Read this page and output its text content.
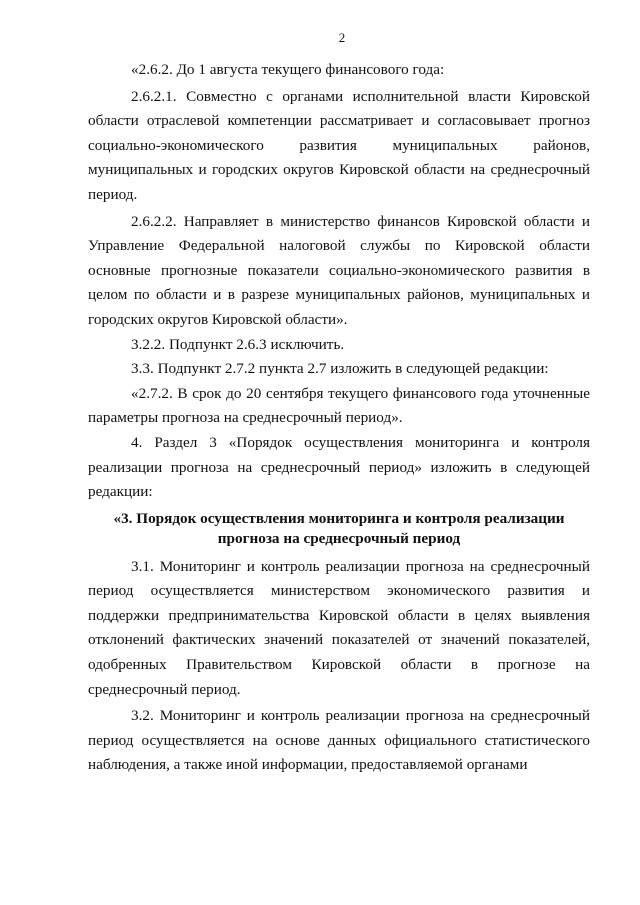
2

«2.6.2. До 1 августа текущего финансового года:

2.6.2.1. Совместно с органами исполнительной власти Кировской области отраслевой компетенции рассматривает и согласовывает прогноз социально-экономического развития муниципальных районов, муниципальных и городских округов Кировской области на среднесрочный период.

2.6.2.2. Направляет в министерство финансов Кировской области и Управление Федеральной налоговой службы по Кировской области основные прогнозные показатели социально-экономического развития в целом по области и в разрезе муниципальных районов, муниципальных и городских округов Кировской области».

3.2.2. Подпункт 2.6.3 исключить.

3.3. Подпункт 2.7.2 пункта 2.7 изложить в следующей редакции:

«2.7.2. В срок до 20 сентября текущего финансового года уточненные параметры прогноза на среднесрочный период».

4. Раздел 3 «Порядок осуществления мониторинга и контроля реализации прогноза на среднесрочный период» изложить в следующей редакции:

«3. Порядок осуществления мониторинга и контроля реализации
прогноза на среднесрочный период

3.1. Мониторинг и контроль реализации прогноза на среднесрочный период осуществляется министерством экономического развития и поддержки предпринимательства Кировской области в целях выявления отклонений фактических значений показателей от значений показателей, одобренных Правительством Кировской области в прогнозе на среднесрочный период.

3.2. Мониторинг и контроль реализации прогноза на среднесрочный период осуществляется на основе данных официального статистического наблюдения, а также иной информации, предоставляемой органами
